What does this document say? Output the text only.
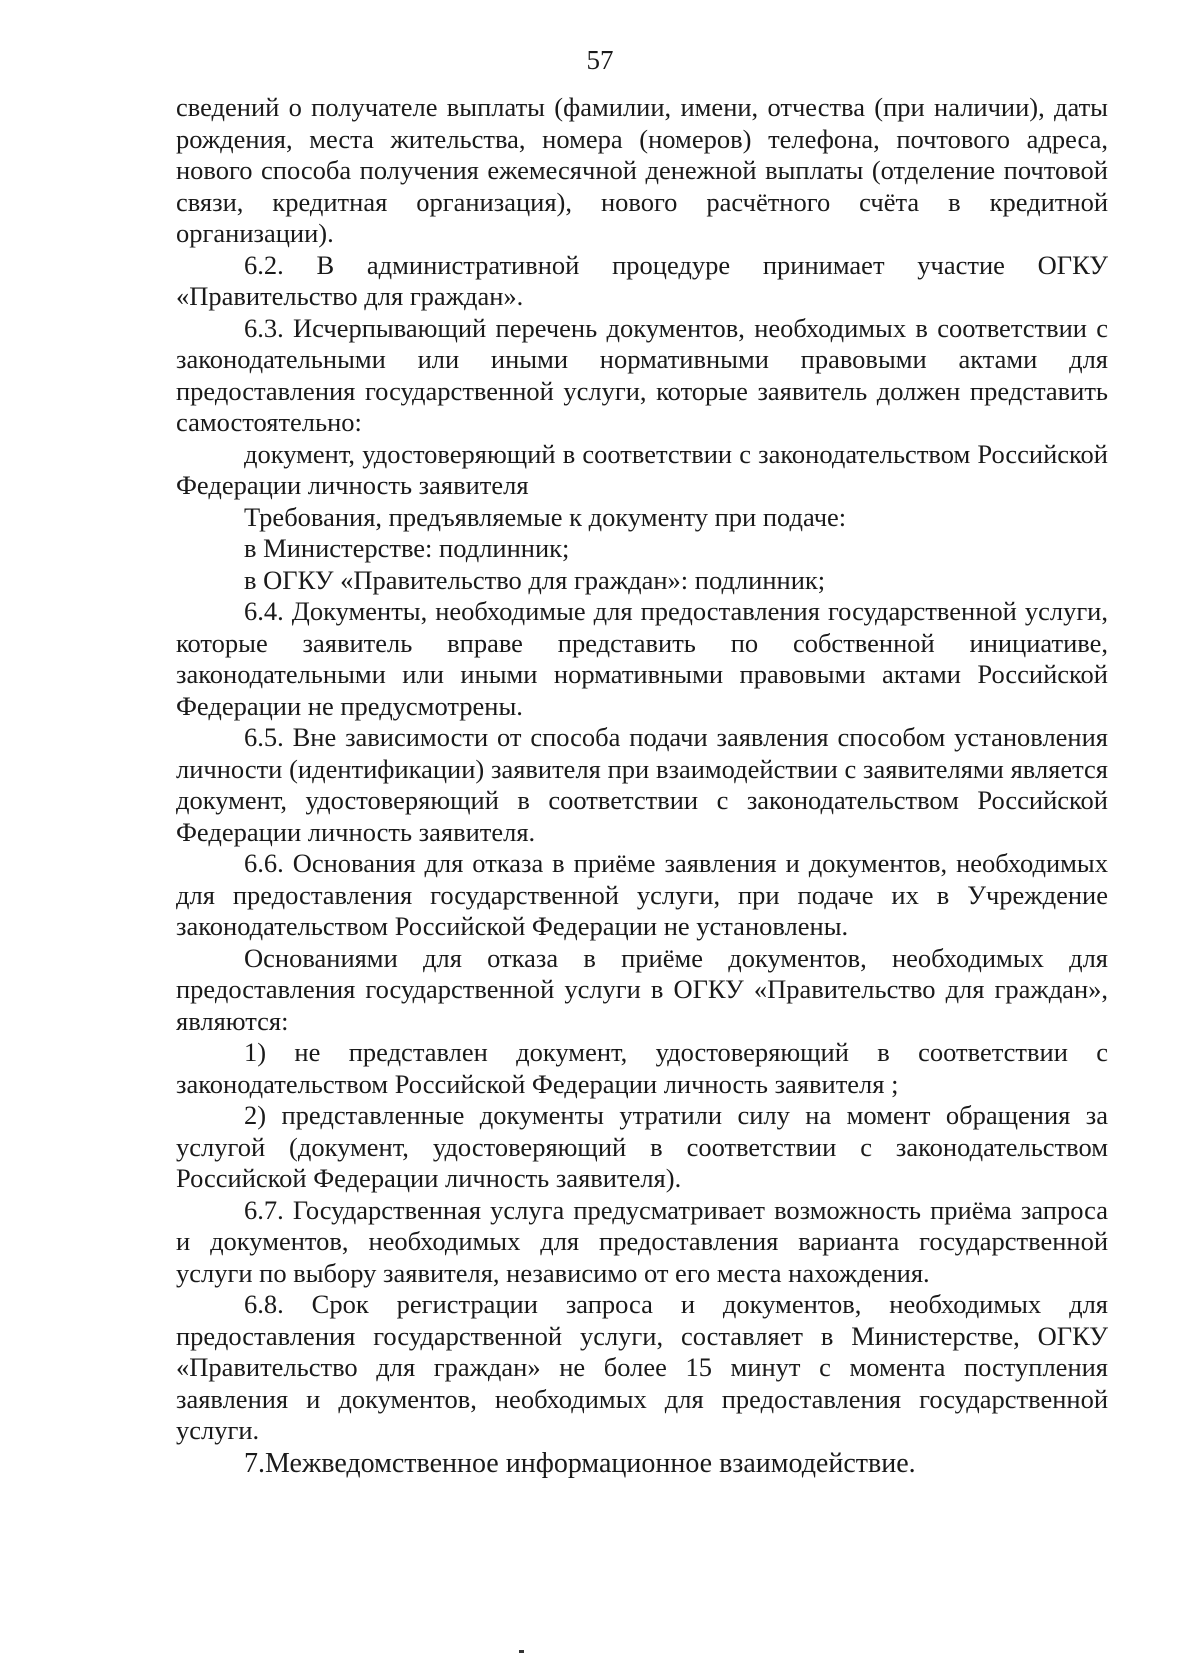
57

сведений о получателе выплаты (фамилии, имени, отчества (при наличии), даты рождения, места жительства, номера (номеров) телефона, почтового адреса, нового способа получения ежемесячной денежной выплаты (отделение почтовой связи, кредитная организация), нового расчётного счёта в кредитной организации).

6.2. В административной процедуре принимает участие ОГКУ «Правительство для граждан».

6.3. Исчерпывающий перечень документов, необходимых в соответствии с законодательными или иными нормативными правовыми актами для предоставления государственной услуги, которые заявитель должен представить самостоятельно:

документ, удостоверяющий в соответствии с законодательством Российской Федерации личность заявителя

Требования, предъявляемые к документу при подаче:

в Министерстве: подлинник;

в ОГКУ «Правительство для граждан»: подлинник;

6.4. Документы, необходимые для предоставления государственной услуги, которые заявитель вправе представить по собственной инициативе, законодательными или иными нормативными правовыми актами Российской Федерации не предусмотрены.

6.5. Вне зависимости от способа подачи заявления способом установления личности (идентификации) заявителя при взаимодействии с заявителями является документ, удостоверяющий в соответствии с законодательством Российской Федерации личность заявителя.

6.6. Основания для отказа в приёме заявления и документов, необходимых для предоставления государственной услуги, при подаче их в Учреждение законодательством Российской Федерации не установлены.

Основаниями для отказа в приёме документов, необходимых для предоставления государственной услуги в ОГКУ «Правительство для граждан», являются:

1) не представлен документ, удостоверяющий в соответствии с законодательством Российской Федерации личность заявителя ;

2) представленные документы утратили силу на момент обращения за услугой (документ, удостоверяющий в соответствии с законодательством Российской Федерации личность заявителя).

6.7. Государственная услуга предусматривает возможность приёма запроса и документов, необходимых для предоставления варианта государственной услуги по выбору заявителя, независимо от его места нахождения.

6.8. Срок регистрации запроса и документов, необходимых для предоставления государственной услуги, составляет в Министерстве, ОГКУ «Правительство для граждан» не более 15 минут с момента поступления заявления и документов, необходимых для предоставления государственной услуги.

7.Межведомственное информационное взаимодействие.
